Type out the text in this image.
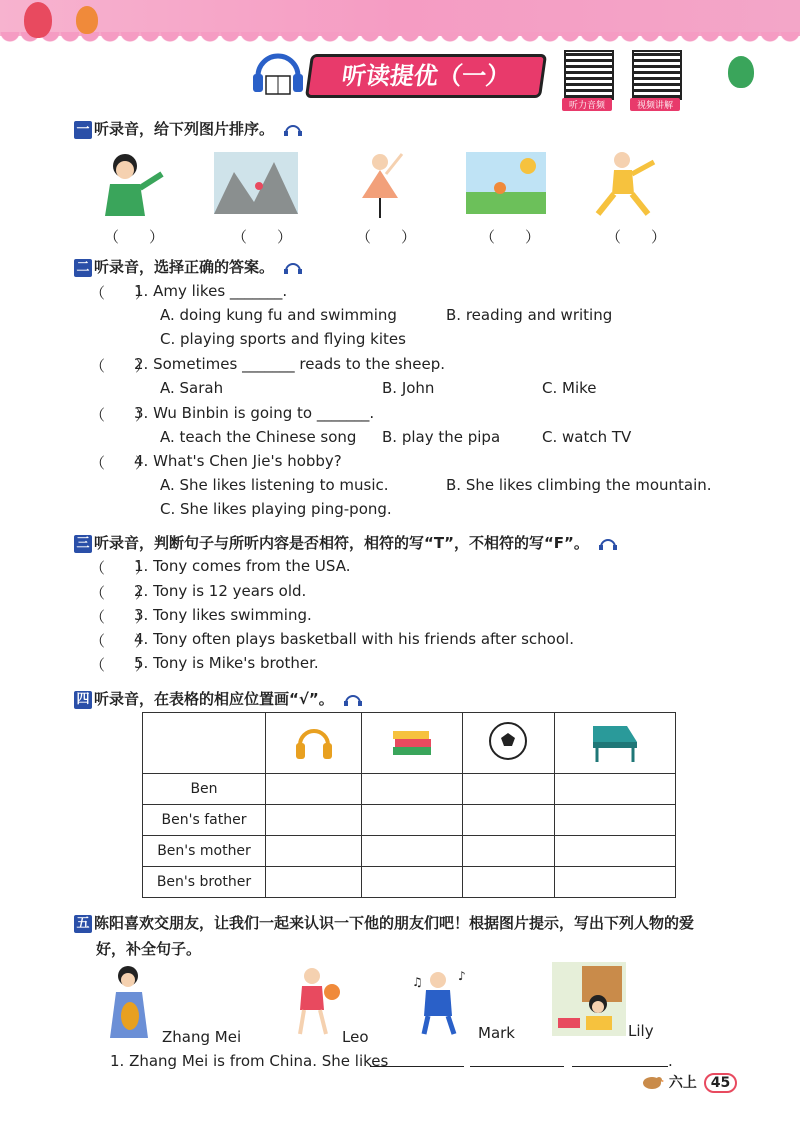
听读提优（一）
听力音频	视频讲解
一 听录音，给下列图片排序。
（　　）	（　　）	（　　）	（　　）	（　　）
二 听录音，选择正确的答案。
（　　）
1. Amy likes _______.
A. doing kung fu and swimming	B. reading and writing
C. playing sports and flying kites
（　　）
2. Sometimes _______ reads to the sheep.
A. Sarah	B. John	C. Mike
（　　）
3. Wu Binbin is going to _______.
A. teach the Chinese song B. play the pipa	C. watch TV
（　　）
4. What's Chen Jie's hobby?
A. She likes listening to music.	B. She likes climbing the mountain.
C. She likes playing ping-pong.
三 听录音，判断句子与所听内容是否相符，相符的写“T”，不相符的写“F”。
（　　）
1. Tony comes from the USA.
（　　）
2. Tony is 12 years old.
（　　）
3. Tony likes swimming.
（　　）
4. Tony often plays basketball with his friends after school.
（　　）
5. Tony is Mike's brother.
四 听录音，在表格的相应位置画“√”。

Ben				
Ben's father				
Ben's mother				
Ben's brother				
五 陈阳喜欢交朋友，让我们一起来认识一下他的朋友们吧！根据图片提示，写出下列人物的爱
好，补全句子。
Zhang Mei	Leo
♪
♫
Mark	Lily
1. Zhang Mei is from China. She likes	.
六上 45
